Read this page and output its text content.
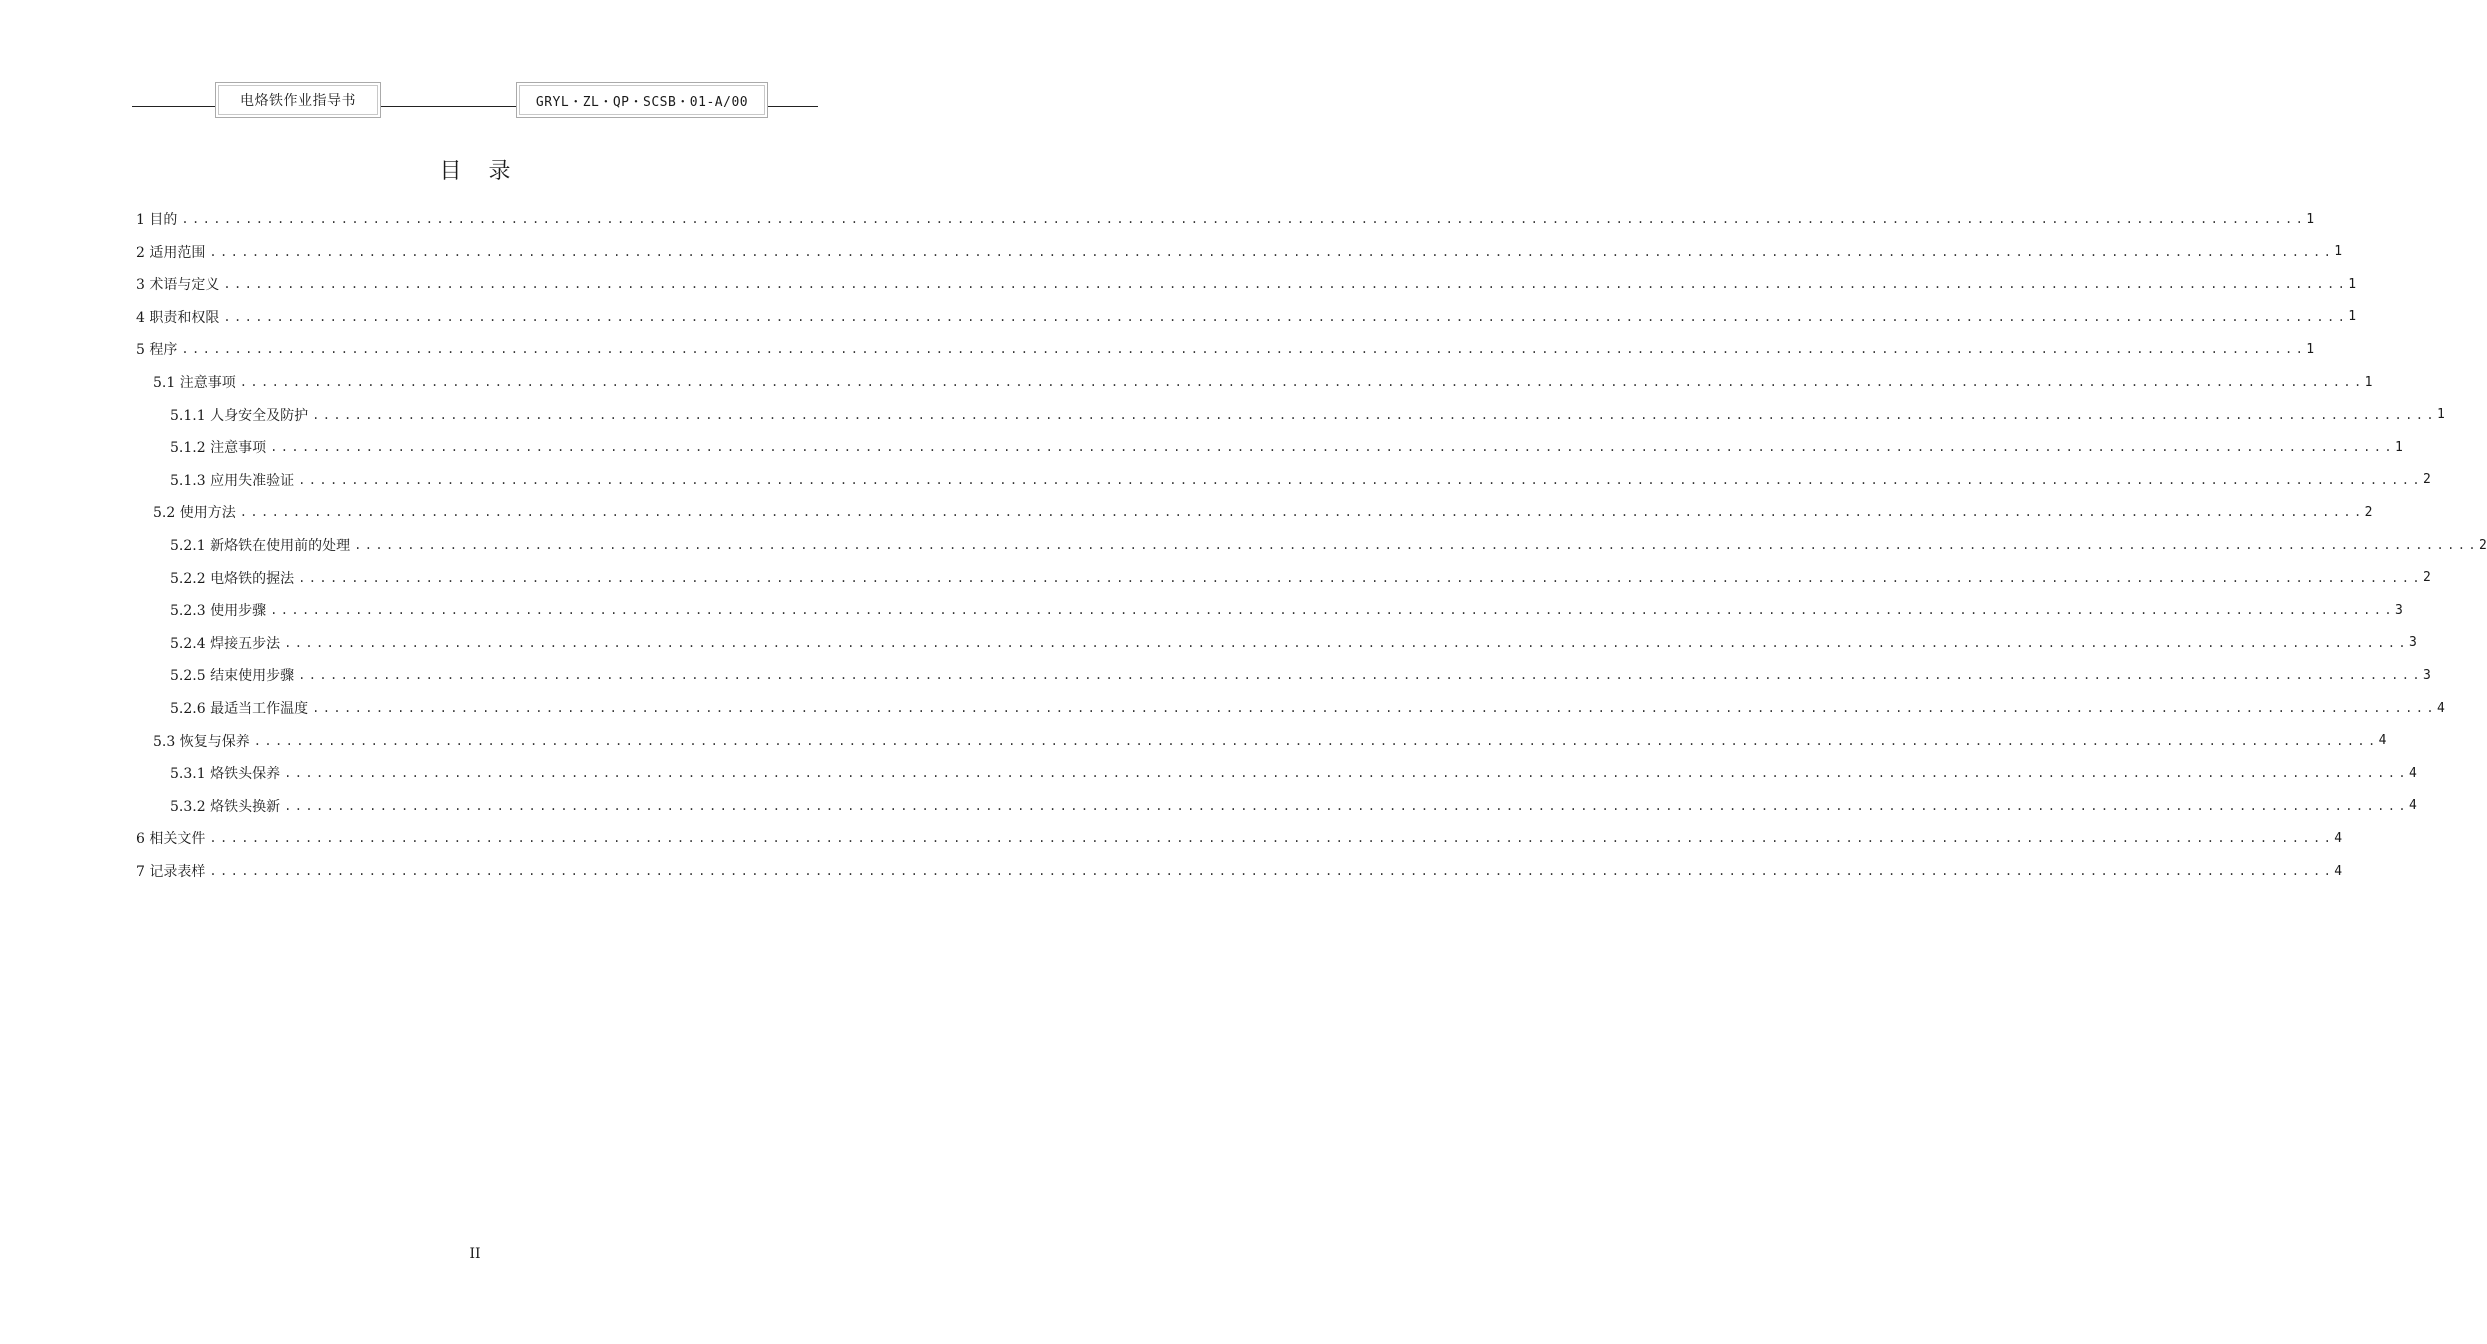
电烙铁作业指导书	GRYL・ZL・QP・SCSB・01-A/00
目 录
1 目的 ........................................................................................................................................................................................................ 1
2 适用范围 ........................................................................................................................................................................................................ 1
3 术语与定义 ........................................................................................................................................................................................................ 1
4 职责和权限 ........................................................................................................................................................................................................ 1
5 程序 ........................................................................................................................................................................................................ 1
5.1 注意事项 ........................................................................................................................................................................................................ 1
5.1.1 人身安全及防护 ........................................................................................................................................................................................................ 1
5.1.2 注意事项 ........................................................................................................................................................................................................ 1
5.1.3 应用失准验证 ........................................................................................................................................................................................................ 2
5.2 使用方法 ........................................................................................................................................................................................................ 2
5.2.1 新烙铁在使用前的处理 ........................................................................................................................................................................................................ 2
5.2.2 电烙铁的握法 ........................................................................................................................................................................................................ 2
5.2.3 使用步骤 ........................................................................................................................................................................................................ 3
5.2.4 焊接五步法 ........................................................................................................................................................................................................ 3
5.2.5 结束使用步骤 ........................................................................................................................................................................................................ 3
5.2.6 最适当工作温度 ........................................................................................................................................................................................................ 4
5.3 恢复与保养 ........................................................................................................................................................................................................ 4
5.3.1 烙铁头保养 ........................................................................................................................................................................................................ 4
5.3.2 烙铁头换新 ........................................................................................................................................................................................................ 4
6 相关文件 ........................................................................................................................................................................................................ 4
7 记录表样 ........................................................................................................................................................................................................ 4
II
